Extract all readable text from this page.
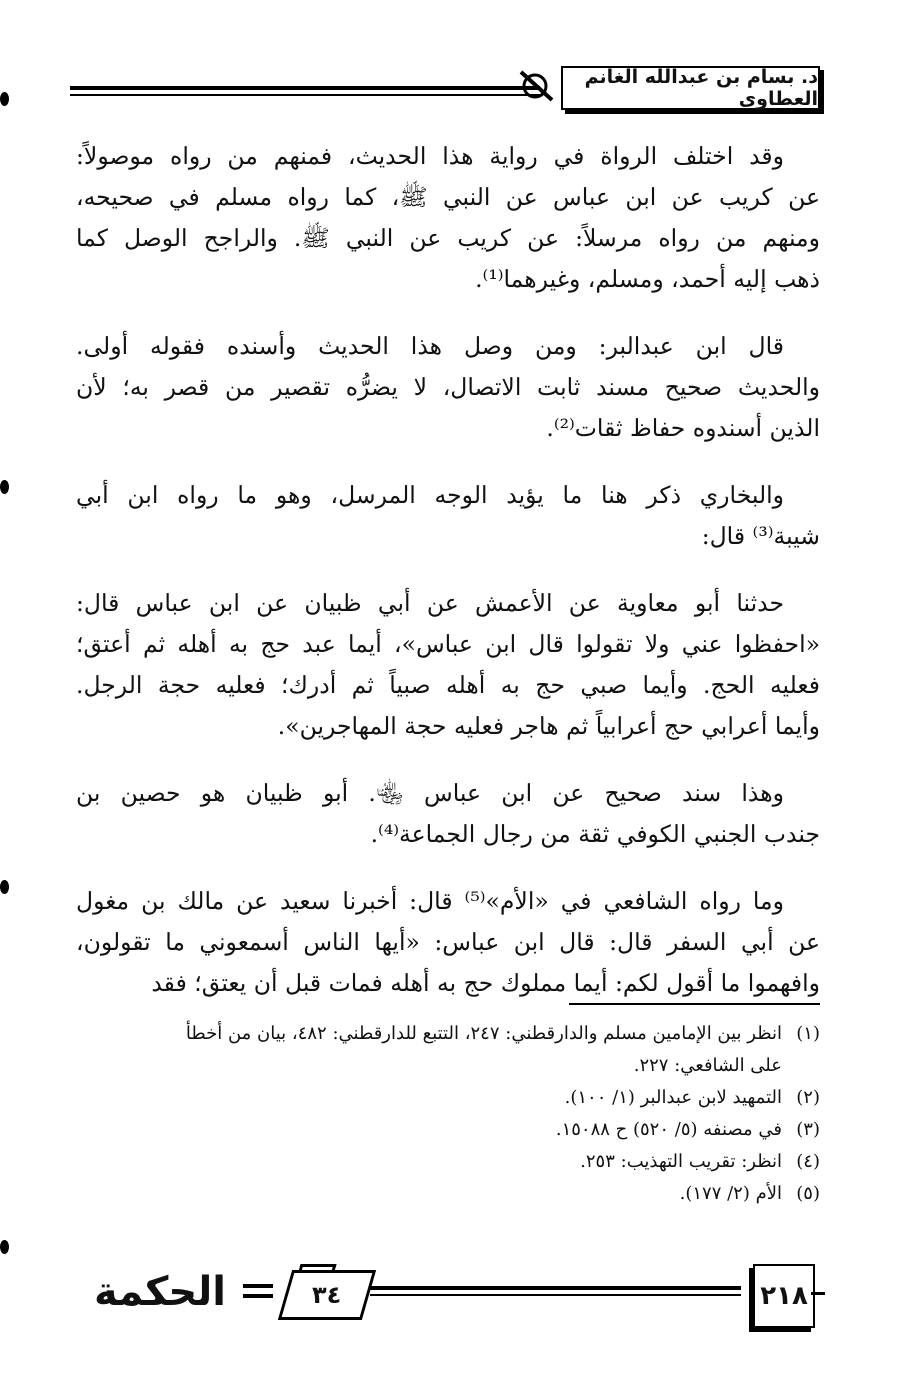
د. بسام بن عبدالله الغانم العطاوي
وقد اختلف الرواة في رواية هذا الحديث، فمنهم من رواه موصولاً:
عن كريب عن ابن عباس عن النبي ﷺ، كما رواه مسلم في صحيحه،
ومنهم من رواه مرسلاً: عن كريب عن النبي ﷺ. والراجح الوصل كما
ذهب إليه أحمد، ومسلم، وغيرهما⁽¹⁾.
قال ابن عبدالبر: ومن وصل هذا الحديث وأسنده فقوله أولى.
والحديث صحيح مسند ثابت الاتصال، لا يضرُّه تقصير من قصر به؛ لأن
الذين أسندوه حفاظ ثقات⁽²⁾.
والبخاري ذكر هنا ما يؤيد الوجه المرسل، وهو ما رواه ابن أبي
شيبة⁽³⁾ قال:
حدثنا أبو معاوية عن الأعمش عن أبي ظبيان عن ابن عباس قال:
«احفظوا عني ولا تقولوا قال ابن عباس»، أيما عبد حج به أهله ثم أعتق؛
فعليه الحج. وأيما صبي حج به أهله صبياً ثم أدرك؛ فعليه حجة الرجل.
وأيما أعرابي حج أعرابياً ثم هاجر فعليه حجة المهاجرين».
وهذا سند صحيح عن ابن عباس ﵄. أبو ظبيان هو حصين بن
جندب الجنبي الكوفي ثقة من رجال الجماعة⁽⁴⁾.
وما رواه الشافعي في «الأم»⁽⁵⁾ قال: أخبرنا سعيد عن مالك بن مغول
عن أبي السفر قال: قال ابن عباس: «أيها الناس أسمعوني ما تقولون،
وافهموا ما أقول لكم: أيما مملوك حج به أهله فمات قبل أن يعتق؛ فقد
(١)
انظر بين الإمامين مسلم والدارقطني: ٢٤٧، التتبع للدارقطني: ٤٨٢، بيان من أخطأ
على الشافعي: ٢٢٧.
(٢)
التمهيد لابن عبدالبر (١/ ١٠٠).
(٣)
في مصنفه (٥/ ٥٢٠) ح ١٥٠٨٨.
(٤)
انظر: تقريب التهذيب: ٢٥٣.
(٥)
الأم (٢/ ١٧٧).
الحكمة	٣٤	٢١٨
